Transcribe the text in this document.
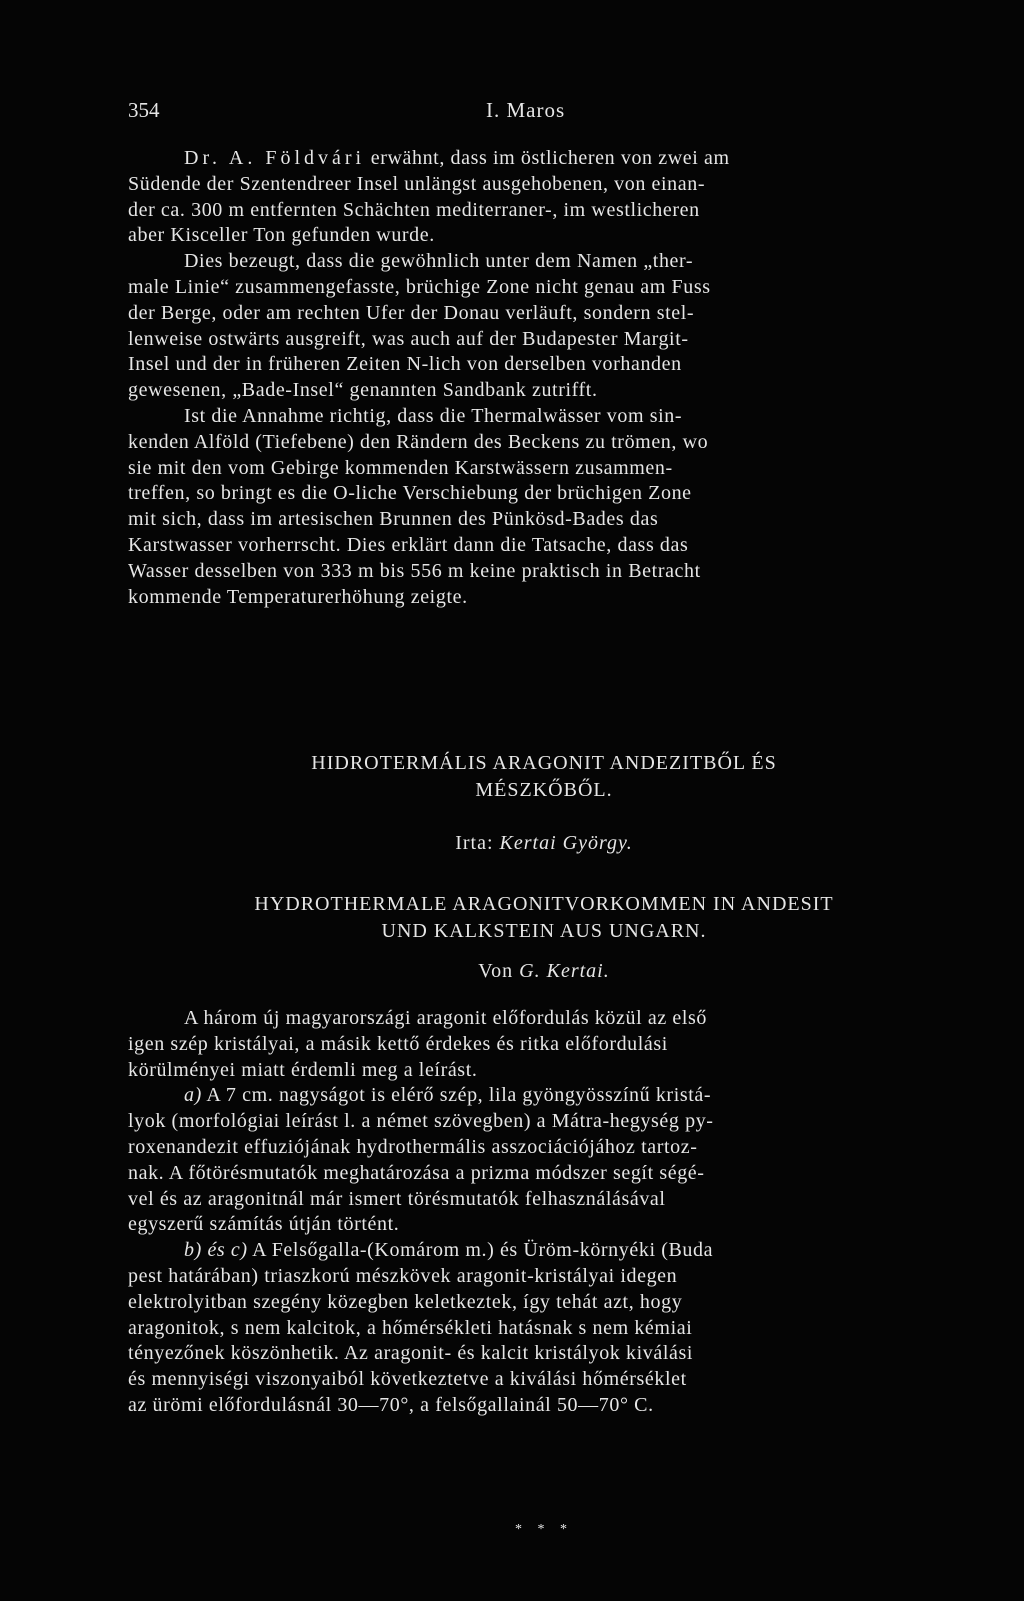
354	I. Maros

Dr. A. Földvári erwähnt, dass im östlicheren von zwei am

Südende der Szentendreer Insel unlängst ausgehobenen, von einan-

der ca. 300 m entfernten Schächten mediterraner-, im westlicheren

aber Kisceller Ton gefunden wurde.

Dies bezeugt, dass die gewöhnlich unter dem Namen „ther-

male Linie“ zusammengefasste, brüchige Zone nicht genau am Fuss

der Berge, oder am rechten Ufer der Donau verläuft, sondern stel-

lenweise ostwärts ausgreift, was auch auf der Budapester Margit-

Insel und der in früheren Zeiten N-lich von derselben vorhanden

gewesenen, „Bade-Insel“ genannten Sandbank zutrifft.

Ist die Annahme richtig, dass die Thermalwässer vom sin-

kenden Alföld (Tiefebene) den Rändern des Beckens zu trömen, wo

sie mit den vom Gebirge kommenden Karstwässern zusammen-

treffen, so bringt es die O-liche Verschiebung der brüchigen Zone

mit sich, dass im artesischen Brunnen des Pünkösd-Bades das

Karstwasser vorherrscht. Dies erklärt dann die Tatsache, dass das

Wasser desselben von 333 m bis 556 m keine praktisch in Betracht

kommende Temperaturerhöhung zeigte.

HIDROTERMÁLIS ARAGONIT ANDEZITBŐL ÉS
MÉSZKŐBŐL.
Irta: Kertai György.
HYDROTHERMALE ARAGONITVORKOMMEN IN ANDESIT
UND KALKSTEIN AUS UNGARN.
Von G. Kertai.

A három új magyarországi aragonit előfordulás közül az első

igen szép kristályai, a másik kettő érdekes és ritka előfordulási

körülményei miatt érdemli meg a leírást.

a) A 7 cm. nagyságot is elérő szép, lila gyöngyösszínű kristá-

lyok (morfológiai leírást l. a német szövegben) a Mátra-hegység py-

roxenandezit effuziójának hydrothermális asszociációjához tartoz-

nak. A főtörésmutatók meghatározása a prizma módszer segít ségé-

vel és az aragonitnál már ismert törésmutatók felhasználásával

egyszerű számítás útján történt.

b) és c) A Felsőgalla-(Komárom m.) és Üröm-környéki (Buda

pest határában) triaszkorú mészkövek aragonit-kristályai idegen

elektrolyitban szegény közegben keletkeztek, így tehát azt, hogy

aragonitok, s nem kalcitok, a hőmérsékleti hatásnak s nem kémiai

tényezőnek köszönhetik. Az aragonit- és kalcit kristályok kiválási

és mennyiségi viszonyaiból következtetve a kiválási hőmérséklet

az ürömi előfordulásnál 30—70°, a felsőgallainál 50—70° C.

* * *
